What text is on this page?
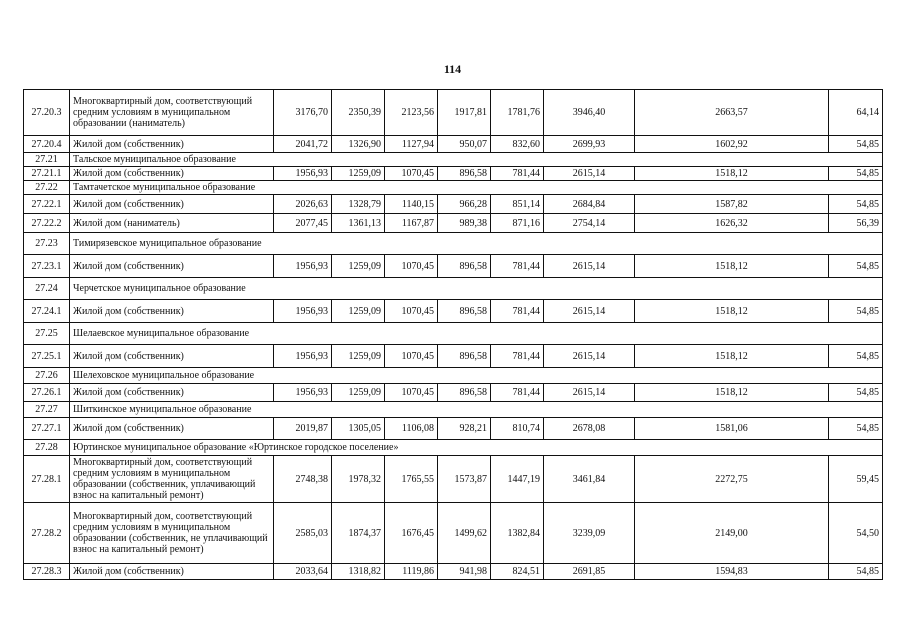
114
27.20.3	Многоквартирный дом, соответствующий средним условиям в муниципальном образовании (наниматель)	3176,70	2350,39	2123,56	1917,81	1781,76	3946,40	2663,57	64,14
27.20.4	Жилой дом (собственник)	2041,72	1326,90	1127,94	950,07	832,60	2699,93	1602,92	54,85
27.21	Тальское муниципальное образование								
27.21.1	Жилой дом (собственник)	1956,93	1259,09	1070,45	896,58	781,44	2615,14	1518,12	54,85
27.22	Тамтачетское муниципальное образование								
27.22.1	Жилой дом (собственник)	2026,63	1328,79	1140,15	966,28	851,14	2684,84	1587,82	54,85
27.22.2	Жилой дом (наниматель)	2077,45	1361,13	1167,87	989,38	871,16	2754,14	1626,32	56,39
27.23	Тимирязевское муниципальное образование								
27.23.1	Жилой дом (собственник)	1956,93	1259,09	1070,45	896,58	781,44	2615,14	1518,12	54,85
27.24	Черчетское муниципальное образование								
27.24.1	Жилой дом (собственник)	1956,93	1259,09	1070,45	896,58	781,44	2615,14	1518,12	54,85
27.25	Шелаевское муниципальное образование								
27.25.1	Жилой дом (собственник)	1956,93	1259,09	1070,45	896,58	781,44	2615,14	1518,12	54,85
27.26	Шелеховское муниципальное образование								
27.26.1	Жилой дом (собственник)	1956,93	1259,09	1070,45	896,58	781,44	2615,14	1518,12	54,85
27.27	Шиткинское муниципальное образование								
27.27.1	Жилой дом (собственник)	2019,87	1305,05	1106,08	928,21	810,74	2678,08	1581,06	54,85
27.28	Юртинское муниципальное образование «Юртинское городское поселение»								
27.28.1	Многоквартирный дом, соответствующий средним условиям в муниципальном образовании (собственник, уплачивающий взнос на капитальный ремонт)	2748,38	1978,32	1765,55	1573,87	1447,19	3461,84	2272,75	59,45
27.28.2	Многоквартирный дом, соответствующий средним условиям в муниципальном образовании (собственник, не уплачивающий взнос на капитальный ремонт)	2585,03	1874,37	1676,45	1499,62	1382,84	3239,09	2149,00	54,50
27.28.3	Жилой дом (собственник)	2033,64	1318,82	1119,86	941,98	824,51	2691,85	1594,83	54,85
